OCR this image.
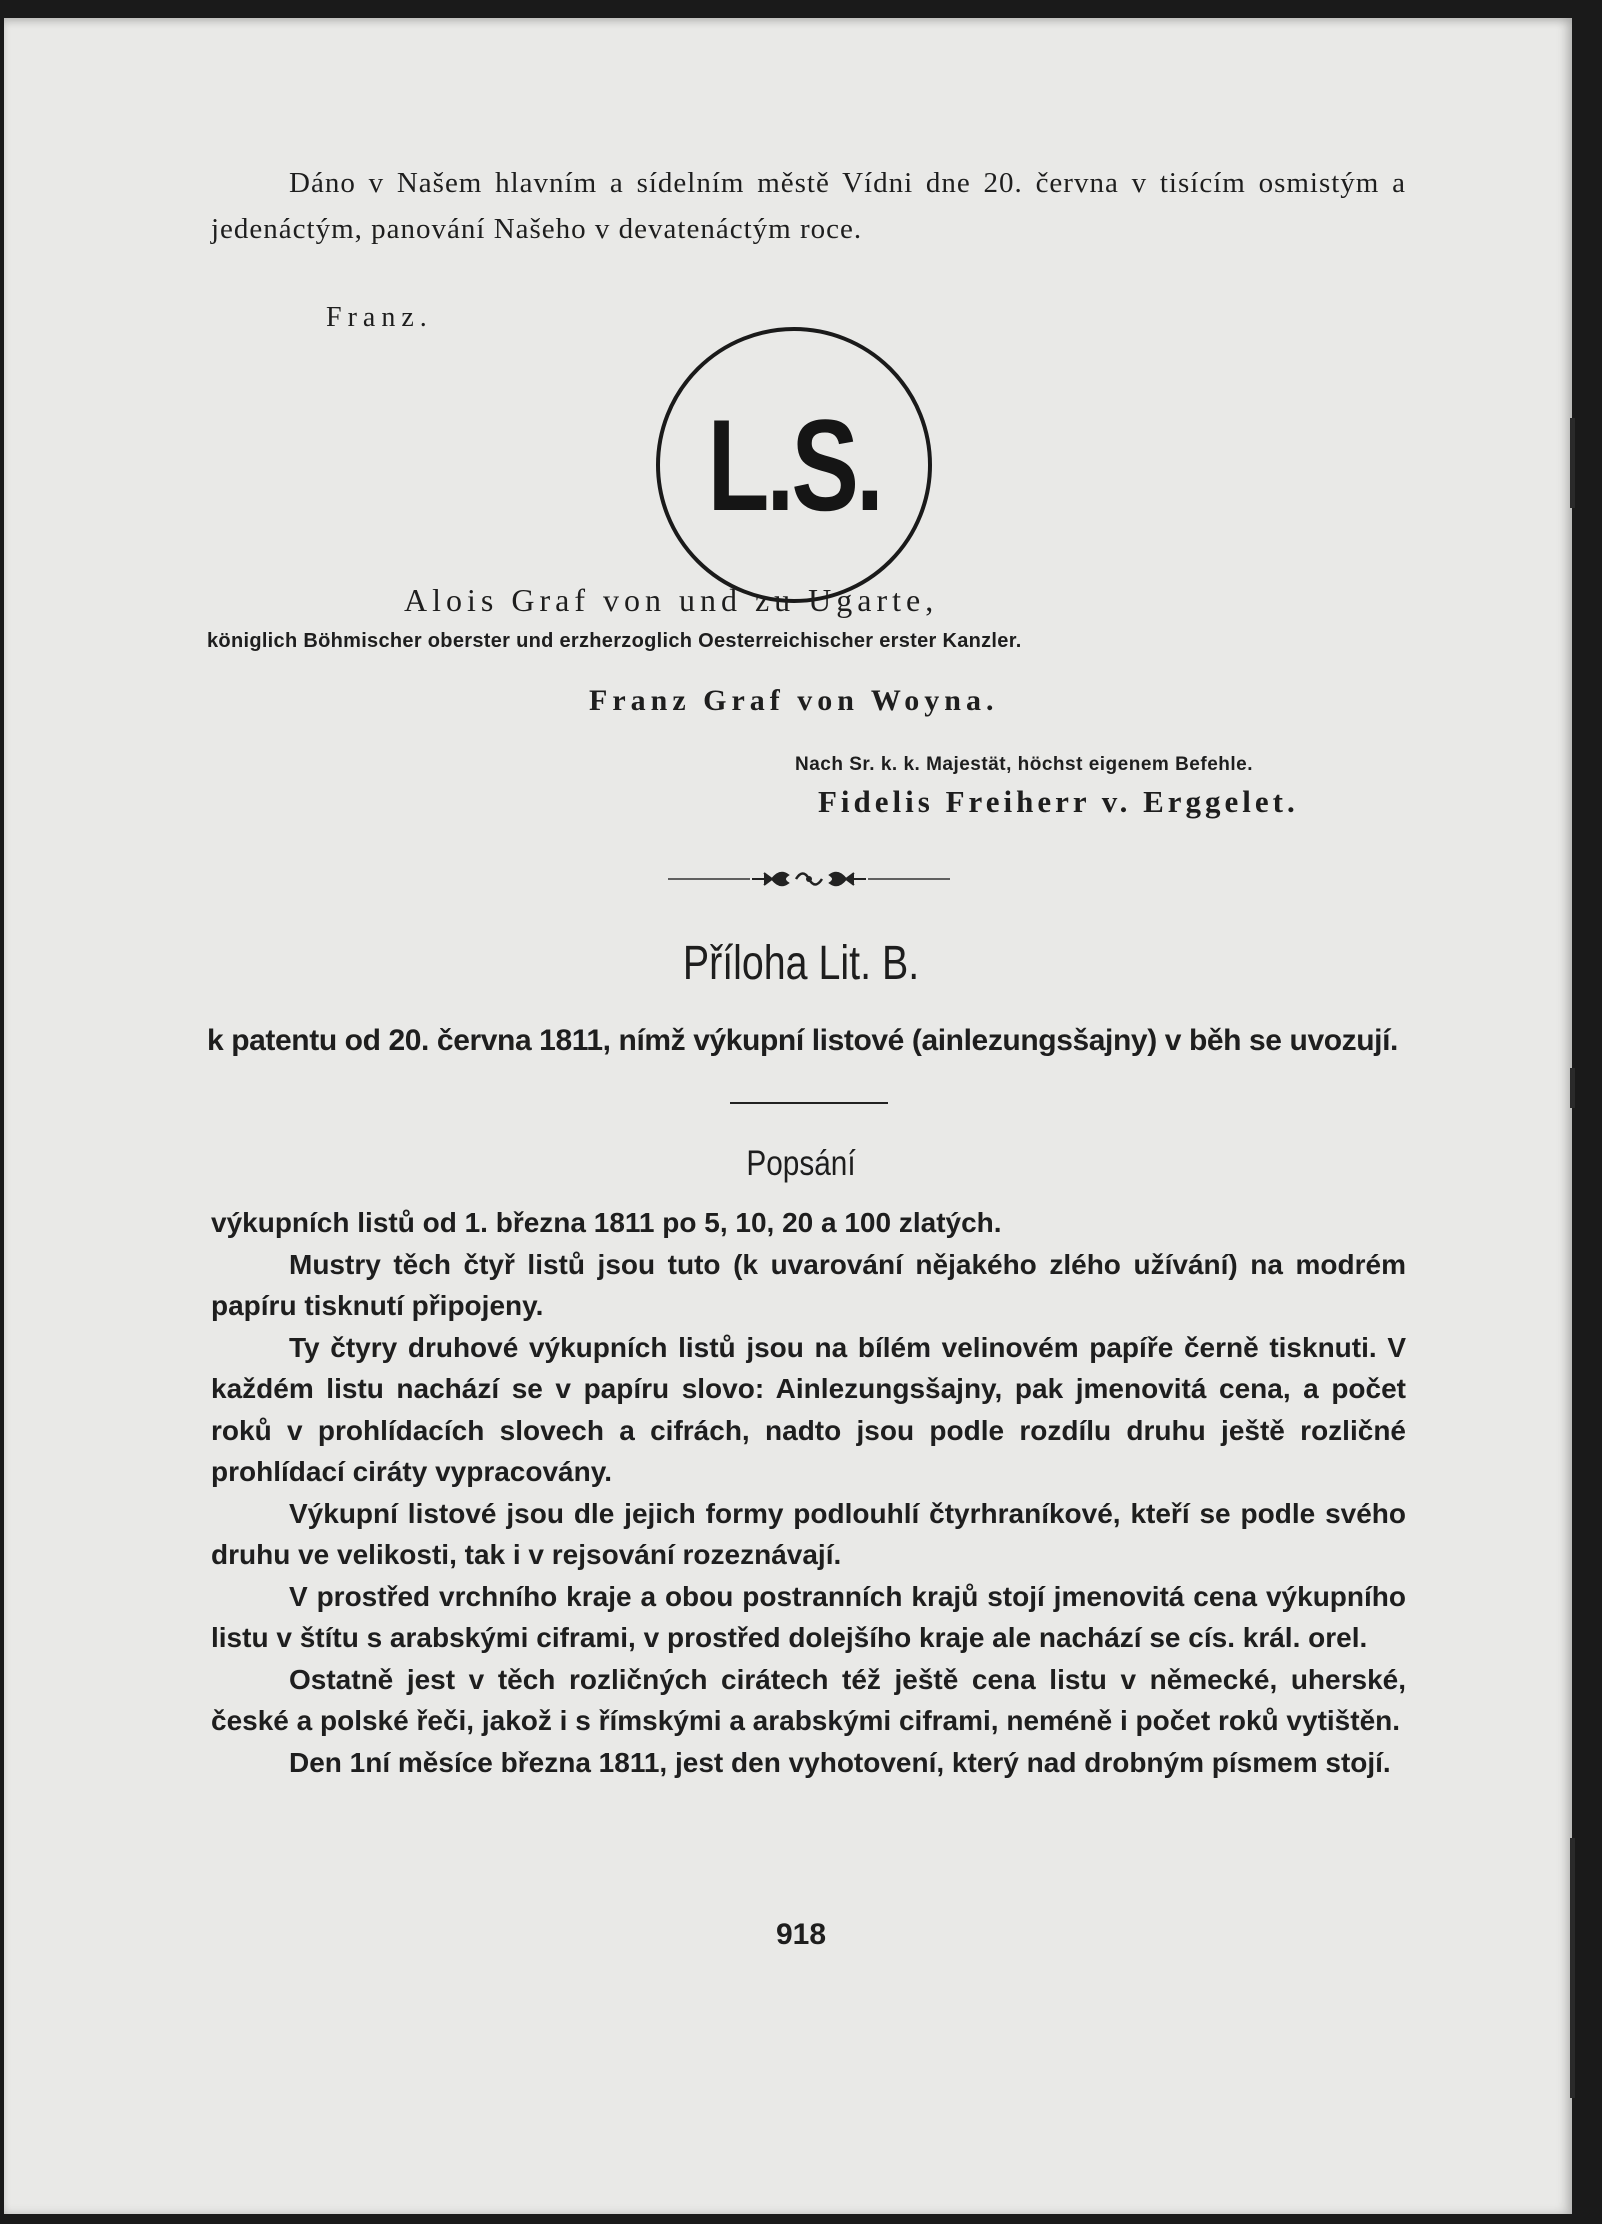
Dáno v Našem hlavním a sídelním městě Vídni dne 20. června v tisícím osmistým a jedenáctým, panování Našeho v devatenáctým roce.

Franz.
L.S.
Alois Graf von und zu Ugarte,
königlich Böhmischer oberster und erzherzoglich Oesterreichischer erster Kanzler.
Franz Graf von Woyna.
Nach Sr. k. k. Majestät, höchst eigenem Befehle.
Fidelis Freiherr v. Erggelet.
Příloha Lit. B.
k patentu od 20. června 1811, nímž výkupní listové (ainlezungsšajny) v běh se uvozují.
Popsání

výkupních listů od 1. března 1811 po 5, 10, 20 a 100 zlatých.

Mustry těch čtyř listů jsou tuto (k uvarování nějakého zlého užívání) na modrém papíru tisknutí připojeny.

Ty čtyry druhové výkupních listů jsou na bílém velinovém papíře černě tisknuti. V každém listu nachází se v papíru slovo: Ainlezungsšajny, pak jmenovitá cena, a počet roků v prohlídacích slovech a cifrách, nadto jsou podle rozdílu druhu ještě rozličné prohlídací ciráty vypracovány.

Výkupní listové jsou dle jejich formy podlouhlí čtyrhraníkové, kteří se podle svého druhu ve velikosti, tak i v rejsování rozeznávají.

V prostřed vrchního kraje a obou postranních krajů stojí jmenovitá cena výkupního listu v štítu s arabskými ciframi, v prostřed dolejšího kraje ale nachází se cís. král. orel.

Ostatně jest v těch rozličných cirátech též ještě cena listu v německé, uherské, české a polské řeči, jakož i s římskými a arabskými ciframi, neméně i počet roků vytištěn.

Den 1ní měsíce března 1811, jest den vyhotovení, který nad drobným písmem stojí.

918
